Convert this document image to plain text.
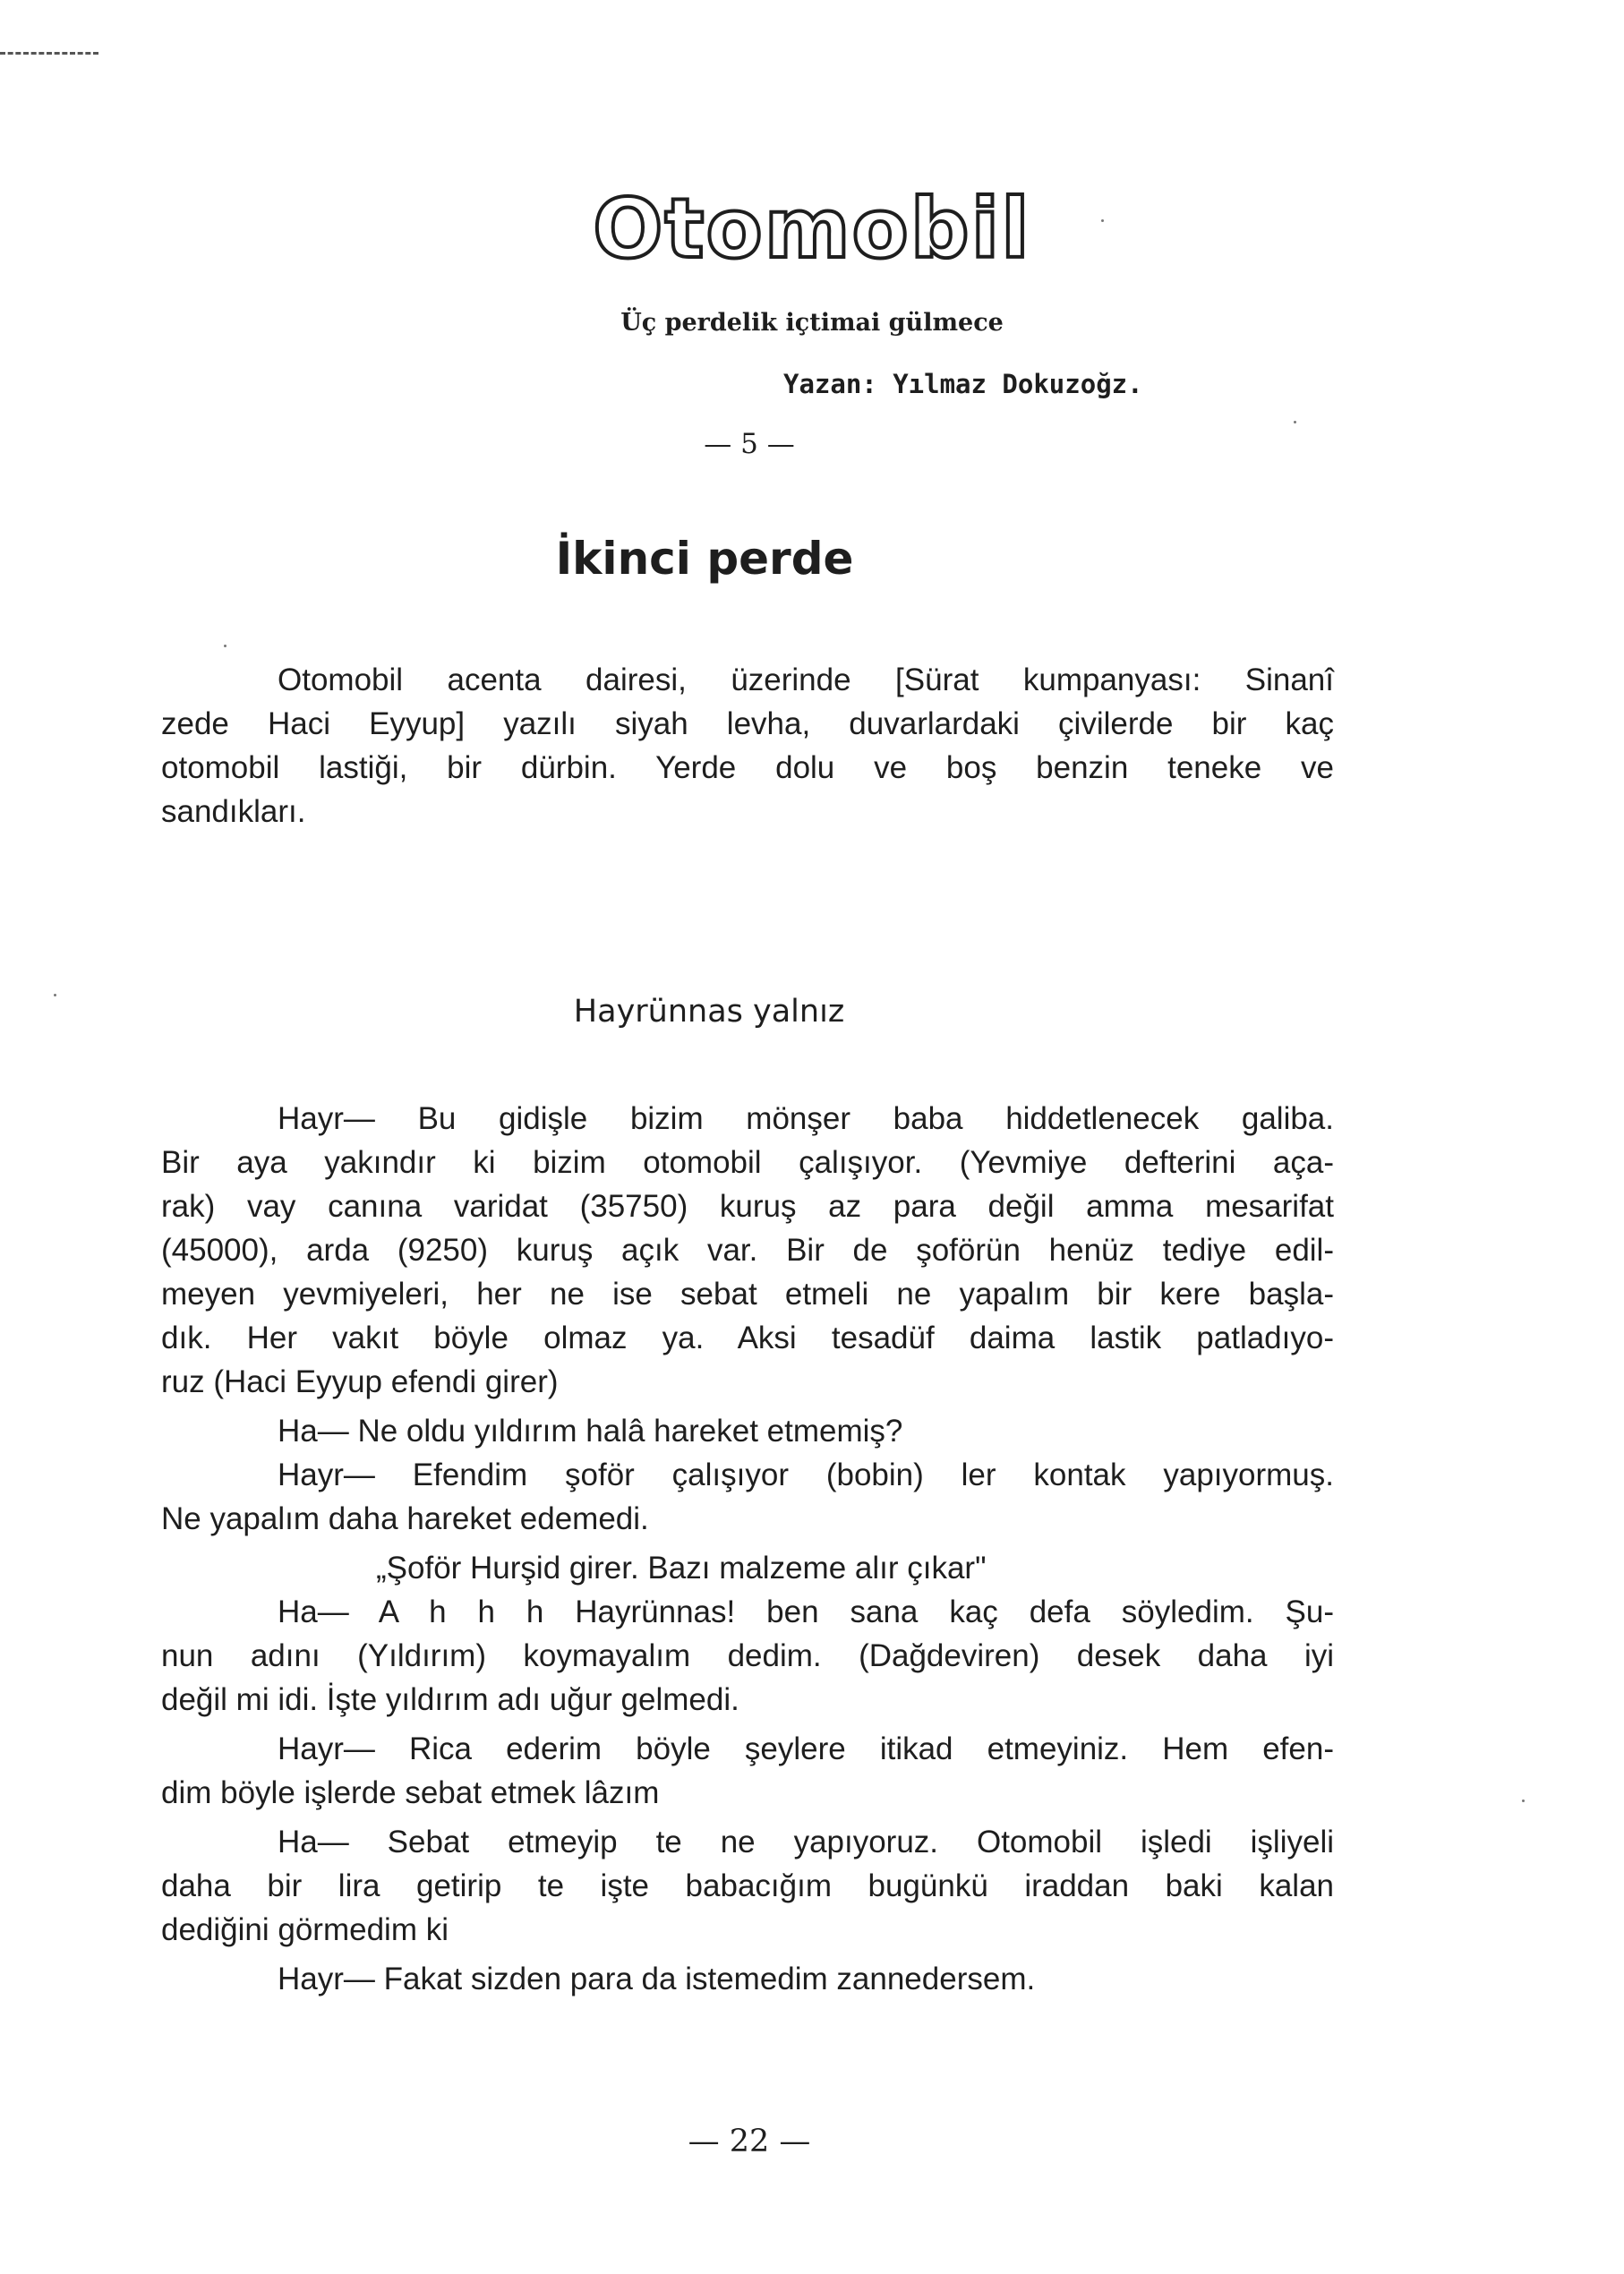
Otomobil
Üç perdelik içtimai gülmece
Yazan: Yılmaz Dokuzoğz.
— 5 —
İkinci perde
Otomobil acenta dairesi, üzerinde [Sürat kumpanyası: Sinanî
zede Haci Eyyup] yazılı siyah levha, duvarlardaki çivilerde bir kaç
otomobil lastiği, bir dürbin. Yerde dolu ve boş benzin teneke ve
sandıkları.
Hayrünnas yalnız
Hayr— Bu gidişle bizim mönşer baba hiddetlenecek galiba.
Bir aya yakındır ki bizim otomobil çalışıyor. (Yevmiye defterini aça-
rak) vay canına varidat (35750) kuruş az para değil amma mesarifat
(45000), arda (9250) kuruş açık var. Bir de şoförün henüz tediye edil-
meyen yevmiyeleri, her ne ise sebat etmeli ne yapalım bir kere başla-
dık. Her vakıt böyle olmaz ya. Aksi tesadüf daima lastik patladıyo-
ruz (Haci Eyyup efendi girer)
Ha— Ne oldu yıldırım halâ hareket etmemiş?
Hayr— Efendim şoför çalışıyor (bobin) ler kontak yapıyormuş.
Ne yapalım daha hareket edemedi.
„Şoför Hurşid girer. Bazı malzeme alır çıkar"
Ha— A h h h Hayrünnas! ben sana kaç defa söyledim. Şu-
nun adını (Yıldırım) koymayalım dedim. (Dağdeviren) desek daha iyi
değil mi idi. İşte yıldırım adı uğur gelmedi.
Hayr— Rica ederim böyle şeylere itikad etmeyiniz. Hem efen-
dim böyle işlerde sebat etmek lâzım
Ha— Sebat etmeyip te ne yapıyoruz. Otomobil işledi işliyeli
daha bir lira getirip te işte babacığım bugünkü iraddan baki kalan
dediğini görmedim ki
Hayr— Fakat sizden para da istemedim zannedersem.
— 22 —
